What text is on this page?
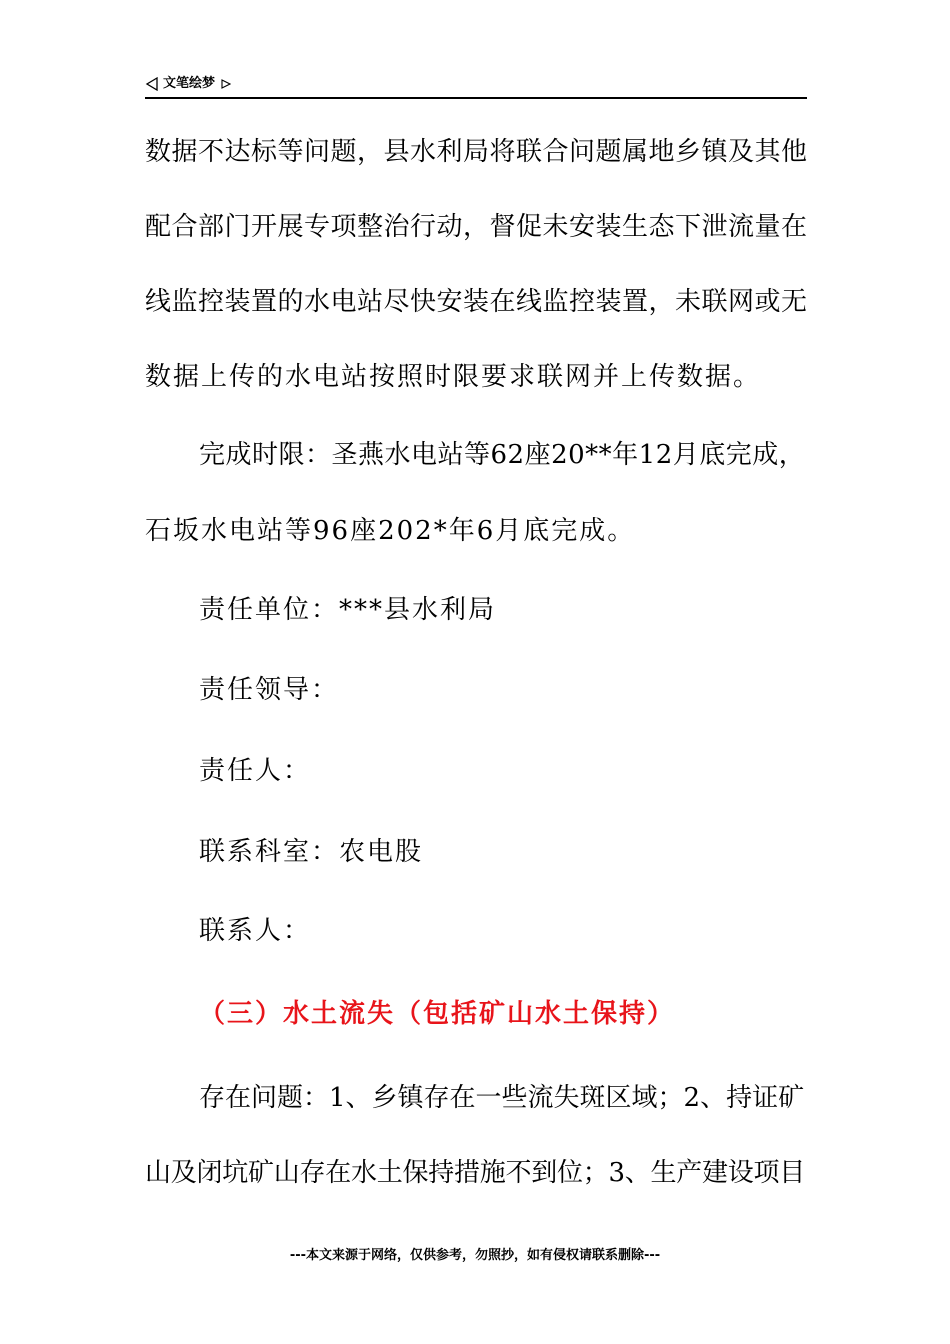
文笔绘梦
数据不达标等问题，县水利局将联合问题属地乡镇及其他
配合部门开展专项整治行动，督促未安装生态下泄流量在
线监控装置的水电站尽快安装在线监控装置，未联网或无
数据上传的水电站按照时限要求联网并上传数据。
完成时限：圣燕水电站等62座20**年12月底完成，
石坂水电站等96座202*年6月底完成。
责任单位：***县水利局
责任领导：
责任人：
联系科室：农电股
联系人：
（三）水土流失（包括矿山水土保持）
存在问题：1、乡镇存在一些流失斑区域；2、持证矿
山及闭坑矿山存在水土保持措施不到位；3、生产建设项目
---本文来源于网络，仅供参考，勿照抄，如有侵权请联系删除---
